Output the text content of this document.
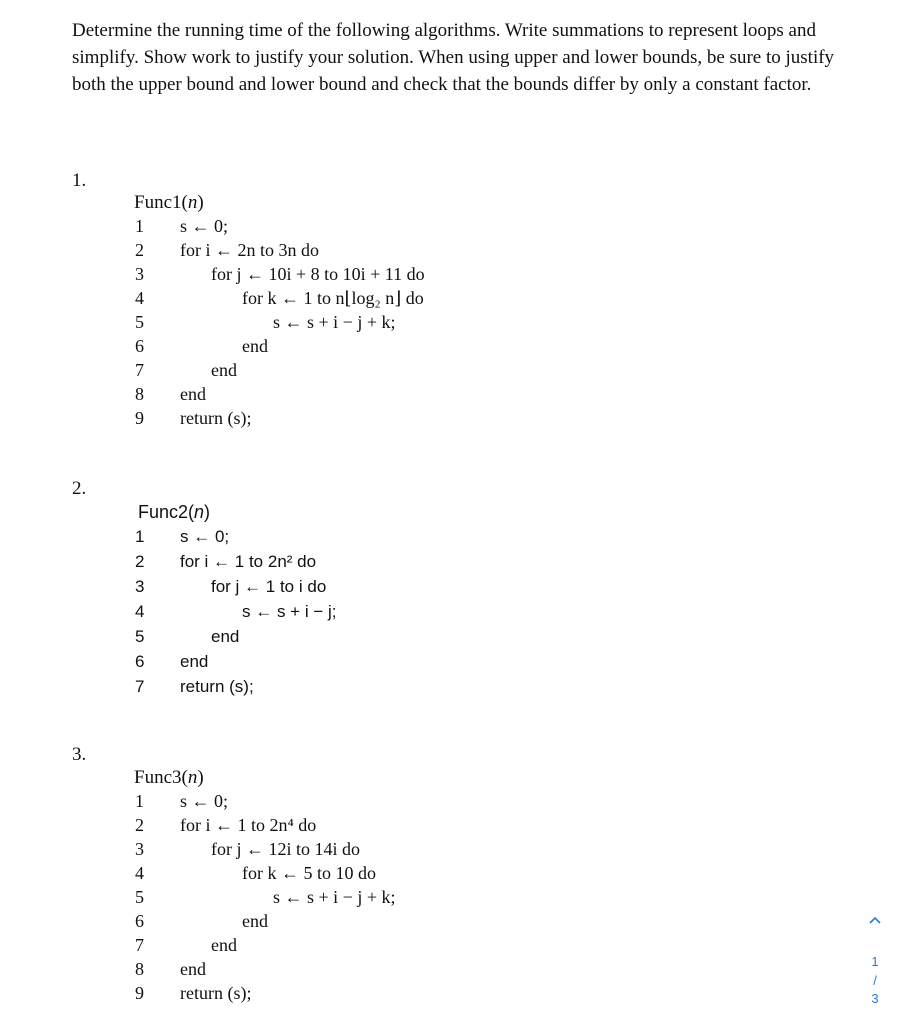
Determine the running time of the following algorithms. Write summations to represent loops and simplify. Show work to justify your solution. When using upper and lower bounds, be sure to justify both the upper bound and lower bound and check that the bounds differ by only a constant factor.

1.
Func1(n)
1
2
3
4
5
6
7
8
9
s ← 0;
for i ← 2n to 3n do
for j ← 10i + 8 to 10i + 11 do
for k ← 1 to n⌊log₂ n⌋ do
s ← s + i − j + k;
end
end
end
return (s);
2.
Func2(n)
1
2
3
4
5
6
7
s ← 0;
for i ← 1 to 2n² do
for j ← 1 to i do
s ← s + i − j;
end
end
return (s);
3.
Func3(n)
1
2
3
4
5
6
7
8
9
s ← 0;
for i ← 1 to 2n⁴ do
for j ← 12i to 14i do
for k ← 5 to 10 do
s ← s + i − j + k;
end
end
end
return (s);
1
/
3
